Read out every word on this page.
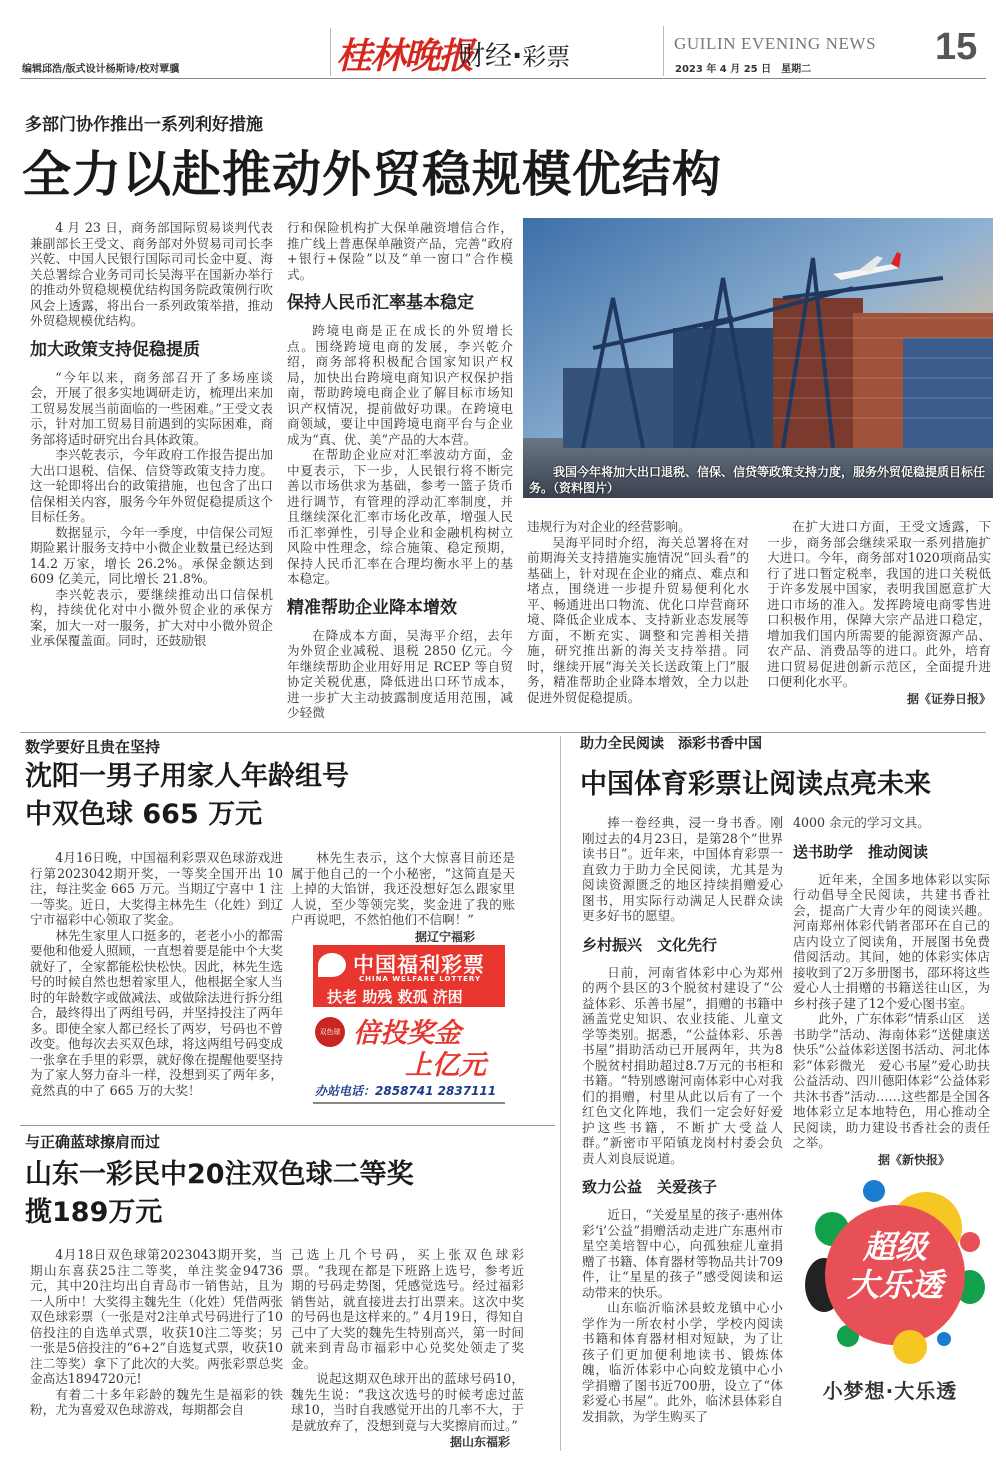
编辑邱浩/版式设计杨斯诗/校对覃骥	桂林晚报
财经·彩票	GUILIN EVENING NEWS
2023 年 4 月 25 日　星期二
15
多部门协作推出一系列利好措施
全力以赴推动外贸稳规模优结构

4 月 23 日，商务部国际贸易谈判代表兼副部长王受文、商务部对外贸易司司长李兴乾、中国人民银行国际司司长金中夏、海关总署综合业务司司长吴海平在国新办举行的推动外贸稳规模优结构国务院政策例行吹风会上透露，将出台一系列政策举措，推动外贸稳规模优结构。

加大政策支持促稳提质

“今年以来，商务部召开了多场座谈会，开展了很多实地调研走访，梳理出来加工贸易发展当前面临的一些困难。”王受文表示，针对加工贸易目前遇到的实际困难，商务部将适时研究出台具体政策。

李兴乾表示，今年政府工作报告提出加大出口退税、信保、信贷等政策支持力度。这一轮即将出台的政策措施，也包含了出口信保相关内容，服务今年外贸促稳提质这个目标任务。

数据显示，今年一季度，中信保公司短期险累计服务支持中小微企业数量已经达到 14.2 万家，增长 26.2%。承保金额达到 609 亿美元，同比增长 21.8%。

李兴乾表示，要继续推动出口信保机构，持续优化对中小微外贸企业的承保方案，加大一对一服务，扩大对中小微外贸企业承保覆盖面。同时，还鼓励银

行和保险机构扩大保单融资增信合作，推广线上普惠保单融资产品，完善“政府+银行+保险”以及“单一窗口”合作模式。

保持人民币汇率基本稳定

跨境电商是正在成长的外贸增长点。围绕跨境电商的发展，李兴乾介绍，商务部将积极配合国家知识产权局，加快出台跨境电商知识产权保护指南，帮助跨境电商企业了解目标市场知识产权情况，提前做好功课。在跨境电商领域，要让中国跨境电商平台与企业成为“真、优、美”产品的大本营。

在帮助企业应对汇率波动方面，金中夏表示，下一步，人民银行将不断完善以市场供求为基础，参考一篮子货币进行调节，有管理的浮动汇率制度，并且继续深化汇率市场化改革，增强人民币汇率弹性，引导企业和金融机构树立风险中性理念，综合施策、稳定预期，保持人民币汇率在合理均衡水平上的基本稳定。

精准帮助企业降本增效

在降成本方面，吴海平介绍，去年为外贸企业减税、退税 2850 亿元。今年继续帮助企业用好用足 RCEP 等自贸协定关税优惠，降低进出口环节成本，进一步扩大主动披露制度适用范围，减少轻微

我国今年将加大出口退税、信保、信贷等政策支持力度，服务外贸促稳提质目标任务。（资料图片）

违规行为对企业的经营影响。

吴海平同时介绍，海关总署将在对前期海关支持措施实施情况“回头看”的基础上，针对现在企业的痛点、难点和堵点，围绕进一步提升贸易便利化水平、畅通进出口物流、优化口岸营商环境、降低企业成本、支持新业态发展等方面，不断充实、调整和完善相关措施，研究推出新的海关支持举措。同时，继续开展“海关关长送政策上门”服务，精准帮助企业降本增效，全力以赴促进外贸促稳提质。

在扩大进口方面，王受文透露，下一步，商务部会继续采取一系列措施扩大进口。今年，商务部对1020项商品实行了进口暂定税率，我国的进口关税低于许多发展中国家，表明我国愿意扩大进口市场的准入。发挥跨境电商零售进口积极作用，保障大宗产品进口稳定，增加我们国内所需要的能源资源产品、农产品、消费品等的进口。此外，培育进口贸易促进创新示范区，全面提升进口便利化水平。

据《证券日报》
数学要好且贵在坚持
沈阳一男子用家人年龄组号
中双色球 665 万元

4月16日晚，中国福利彩票双色球游戏进行第2023042期开奖，一等奖全国开出 10 注，每注奖金 665 万元。当期辽宁喜中 1 注一等奖。近日，大奖得主林先生（化姓）到辽宁市福彩中心领取了奖金。

林先生家里人口挺多的，老老小小的都需要他和他爱人照顾，一直想着要是能中个大奖就好了，全家都能松快松快。因此，林先生选号的时候自然也想着家里人，他根据全家人当时的年龄数字或做减法、或做除法进行拆分组合，最终得出了两组号码，并坚持投注了两年多。即使全家人都已经长了两岁，号码也不曾改变。他每次去买双色球，将这两组号码变成一张拿在手里的彩票，就好像在提醒他要坚持为了家人努力奋斗一样，没想到买了两年多，竟然真的中了 665 万的大奖！

林先生表示，这个大惊喜目前还是属于他自己的一个小秘密，“这简直是天上掉的大馅饼，我还没想好怎么跟家里人说，至少等领完奖，奖金进了我的账户再说吧，不然怕他们不信啊！”

据辽宁福彩
中国福利彩票
CHINA WELFARE LOTTERY
扶老 助残 救孤 济困
双色球 倍投奖金
上亿元
办站电话：2858741 2837111
与正确蓝球擦肩而过
山东一彩民中20注双色球二等奖
揽189万元

4月18日双色球第2023043期开奖，当期山东喜获25注二等奖，单注奖金94736元，其中20注均出自青岛市一销售站，且为一人所中！大奖得主魏先生（化姓）凭借两张双色球彩票（一张是对2注单式号码进行了10倍投注的自选单式票，收获10注二等奖；另一张是5倍投注的“6+2”自选复式票，收获10注二等奖）拿下了此次的大奖。两张彩票总奖金高达1894720元!

有着二十多年彩龄的魏先生是福彩的铁粉，尤为喜爱双色球游戏，每期都会自

己选上几个号码，买上张双色球彩票。“我现在都是下班路上选号，参考近期的号码走势图，凭感觉选号。经过福彩销售站，就直接进去打出票来。这次中奖的号码也是这样来的。” 4月19日，得知自己中了大奖的魏先生特别高兴，第一时间就来到青岛市福彩中心兑奖处领走了奖金。

说起这期双色球开出的蓝球号码10，魏先生说：“我这次选号的时候考虑过蓝球10，当时自我感觉开出的几率不大，于是就放弃了，没想到竟与大奖擦肩而过。”

据山东福彩
助力全民阅读　添彩书香中国
中国体育彩票让阅读点亮未来

捧一卷经典，浸一身书香。刚刚过去的4月23日，是第28个“世界读书日”。近年来，中国体育彩票一直致力于助力全民阅读，尤其是为阅读资源匮乏的地区持续捐赠爱心图书，用实际行动满足人民群众读更多好书的愿望。

乡村振兴　文化先行

日前，河南省体彩中心为郑州的两个县区的3个脱贫村建设了“公益体彩、乐善书屋”，捐赠的书籍中涵盖党史知识、农业技能、儿童文学等类别。据悉，“公益体彩、乐善书屋”捐助活动已开展两年，共为8个脱贫村捐助超过8.7万元的书柜和书籍。“特别感谢河南体彩中心对我们的捐赠，村里从此以后有了一个红色文化阵地，我们一定会好好爱护这些书籍，不断扩大受益人群。”新密市平陌镇龙岗村村委会负责人刘良辰说道。

致力公益　关爱孩子

近日，“关爱星星的孩子·惠州体彩‘i’公益”捐赠活动走进广东惠州市星空美培智中心，向孤独症儿童捐赠了书籍、体育器材等物品共计709件，让“星星的孩子”感受阅读和运动带来的快乐。

山东临沂临沭县蛟龙镇中心小学作为一所农村小学，学校内阅读书籍和体育器材相对短缺，为了让孩子们更加便利地读书、锻炼体魄，临沂体彩中心向蛟龙镇中心小学捐赠了图书近700册，设立了“体彩爱心书屋”。此外，临沭县体彩自发捐款，为学生购买了

4000 余元的学习文具。

送书助学　推动阅读

近年来，全国多地体彩以实际行动倡导全民阅读，共建书香社会，提高广大青少年的阅读兴趣。河南郑州体彩代销者邵环在自己的店内设立了阅读角，开展图书免费借阅活动。其间，她的体彩实体店接收到了2万多册图书，邵环将这些爱心人士捐赠的书籍送往山区，为乡村孩子建了12个爱心图书室。

此外，广东体彩“情系山区　送书助学”活动、海南体彩“送健康送快乐”公益体彩送图书活动、河北体彩“体彩微光　爱心书屋”爱心助扶公益活动、四川德阳体彩“公益体彩　共沐书香”活动……这些都是全国各地体彩立足本地特色，用心推动全民阅读，助力建设书香社会的责任之举。

据《新快报》
超级
大乐透
小梦想·大乐透
